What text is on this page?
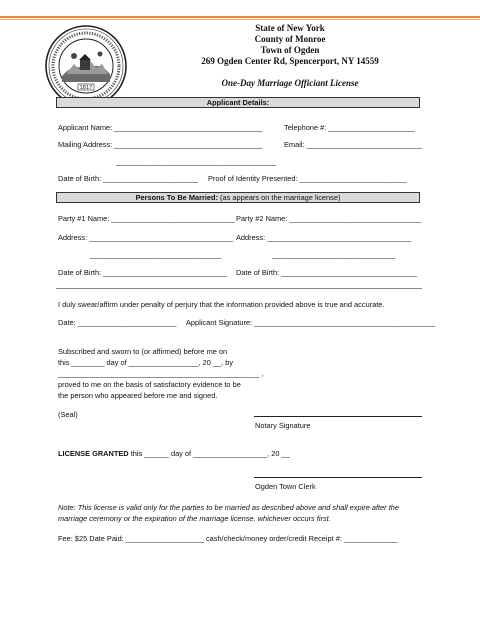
1817
State of New York
County of Monroe
Town of Ogden
269 Ogden Center Rd, Spencerport, NY 14559
One-Day Marriage Officiant License
Applicant Details:
Applicant Name: ____________________________________	Telephone #: _____________________
Mailing Address: ____________________________________	Email: ____________________________
_______________________________________
Date of Birth: _______________________ Proof of Identity Presented: __________________________
Persons To Be Married: (as appears on the marriage license)
Party #1 Name: ______________________________ Party #2 Name: ________________________________
Address: ___________________________________ Address: ___________________________________
________________________________	______________________________
Date of Birth: ______________________________ Date of Birth: _________________________________
I duly swear/affirm under penalty of perjury that the information provided above is true and accurate.
Date: ________________________ Applicant Signature: ____________________________________________
Subscribed and sworn to (or affirmed) before me on
this ________ day of _________________, 20 __, by
_________________________________________________ ,
proved to me on the basis of satisfactory evidence to be
the person who appeared before me and signed.
(Seal)
Notary Signature
LICENSE GRANTED this ______ day of __________________, 20 __
Ogden Town Clerk
Note: This license is valid only for the parties to be married as described above and shall expire after the
marriage ceremony or the expiration of the marriage license, whichever occurs first.
Fee: $25 Date Paid: ___________________ cash/check/money order/credit Receipt #: _____________
